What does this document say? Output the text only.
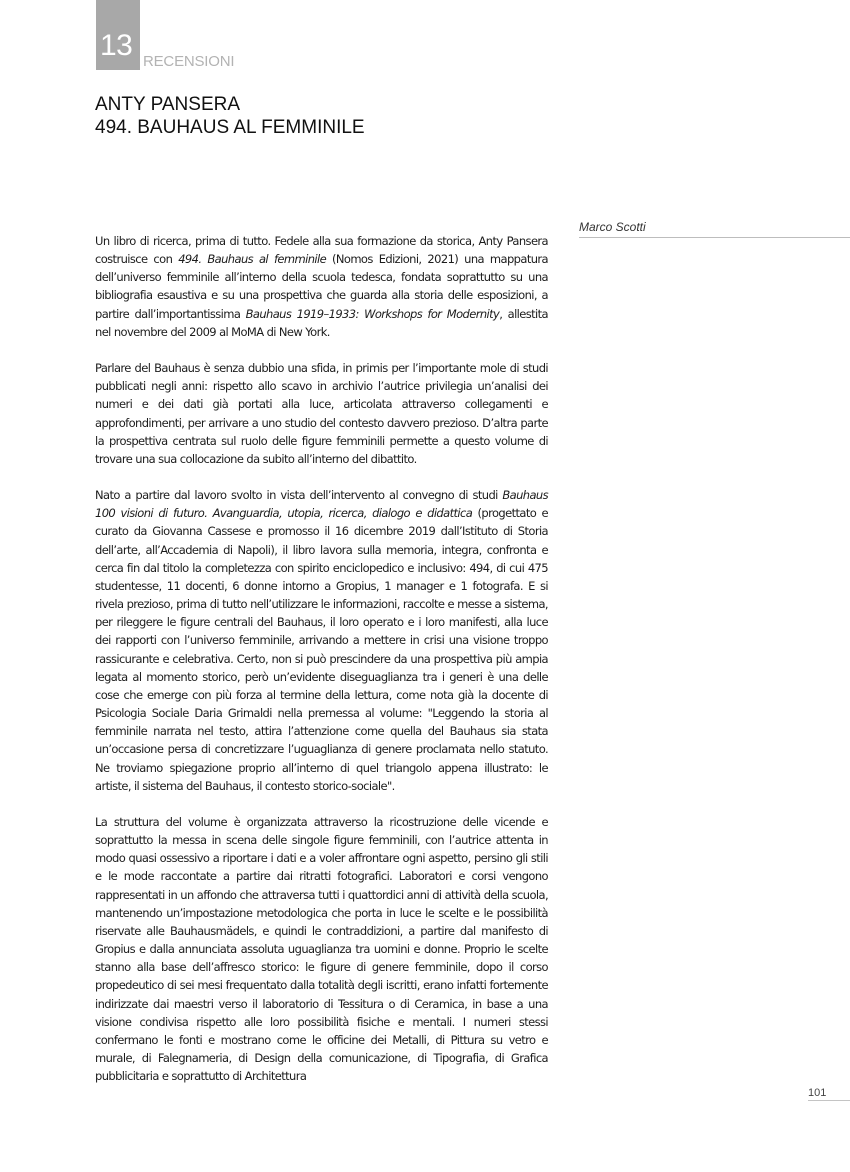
13 RECENSIONI
ANTY PANSERA
494. BAUHAUS AL FEMMINILE
Marco Scotti

Un libro di ricerca, prima di tutto. Fedele alla sua formazione da storica, Anty Pansera costruisce con 494. Bauhaus al femminile (Nomos Edizioni, 2021) una mappatura dell’universo femminile all’interno della scuola tedesca, fondata soprattutto su una bibliografia esaustiva e su una prospettiva che guarda alla storia delle esposizioni, a partire dall’importantissima Bauhaus 1919–1933: Workshops for Modernity, allestita nel novembre del 2009 al MoMA di New York.

Parlare del Bauhaus è senza dubbio una sfida, in primis per l’importante mole di studi pubblicati negli anni: rispetto allo scavo in archivio l’autrice privilegia un’analisi dei numeri e dei dati già portati alla luce, articolata attraverso collegamenti e approfondimenti, per arrivare a uno studio del contesto davvero prezioso. D’altra parte la prospettiva centrata sul ruolo delle figure femminili permette a questo volume di trovare una sua collocazione da subito all’interno del dibattito.

Nato a partire dal lavoro svolto in vista dell’intervento al convegno di studi Bauhaus 100 visioni di futuro. Avanguardia, utopia, ricerca, dialogo e didattica (progettato e curato da Giovanna Cassese e promosso il 16 dicembre 2019 dall’Istituto di Storia dell’arte, all’Accademia di Napoli), il libro lavora sulla memoria, integra, confronta e cerca fin dal titolo la completezza con spirito enciclopedico e inclusivo: 494, di cui 475 studentesse, 11 docenti, 6 donne intorno a Gropius, 1 manager e 1 fotografa. E si rivela prezioso, prima di tutto nell’utilizzare le informazioni, raccolte e messe a sistema, per rileggere le figure centrali del Bauhaus, il loro operato e i loro manifesti, alla luce dei rapporti con l’universo femminile, arrivando a mettere in crisi una visione troppo rassicurante e celebrativa. Certo, non si può prescindere da una prospettiva più ampia legata al momento storico, però un’evidente diseguaglianza tra i generi è una delle cose che emerge con più forza al termine della lettura, come nota già la docente di Psicologia Sociale Daria Grimaldi nella premessa al volume: "Leggendo la storia al femminile narrata nel testo, attira l’attenzione come quella del Bauhaus sia stata un’occasione persa di concretizzare l’uguaglianza di genere proclamata nello statuto. Ne troviamo spiegazione proprio all’interno di quel triangolo appena illustrato: le artiste, il sistema del Bauhaus, il contesto storico-sociale".

La struttura del volume è organizzata attraverso la ricostruzione delle vicende e soprattutto la messa in scena delle singole figure femminili, con l’autrice attenta in modo quasi ossessivo a riportare i dati e a voler affrontare ogni aspetto, persino gli stili e le mode raccontate a partire dai ritratti fotografici. Laboratori e corsi vengono rappresentati in un affondo che attraversa tutti i quattordici anni di attività della scuola, mantenendo un’impostazione metodologica che porta in luce le scelte e le possibilità riservate alle Bauhausmädels, e quindi le contraddizioni, a partire dal manifesto di Gropius e dalla annunciata assoluta uguaglianza tra uomini e donne. Proprio le scelte stanno alla base dell’affresco storico: le figure di genere femminile, dopo il corso propedeutico di sei mesi frequentato dalla totalità degli iscritti, erano infatti fortemente indirizzate dai maestri verso il laboratorio di Tessitura o di Ceramica, in base a una visione condivisa rispetto alle loro possibilità fisiche e mentali. I numeri stessi confermano le fonti e mostrano come le officine dei Metalli, di Pittura su vetro e murale, di Falegnameria, di Design della comunicazione, di Tipografia, di Grafica pubblicitaria e soprattutto di Architettura

101
